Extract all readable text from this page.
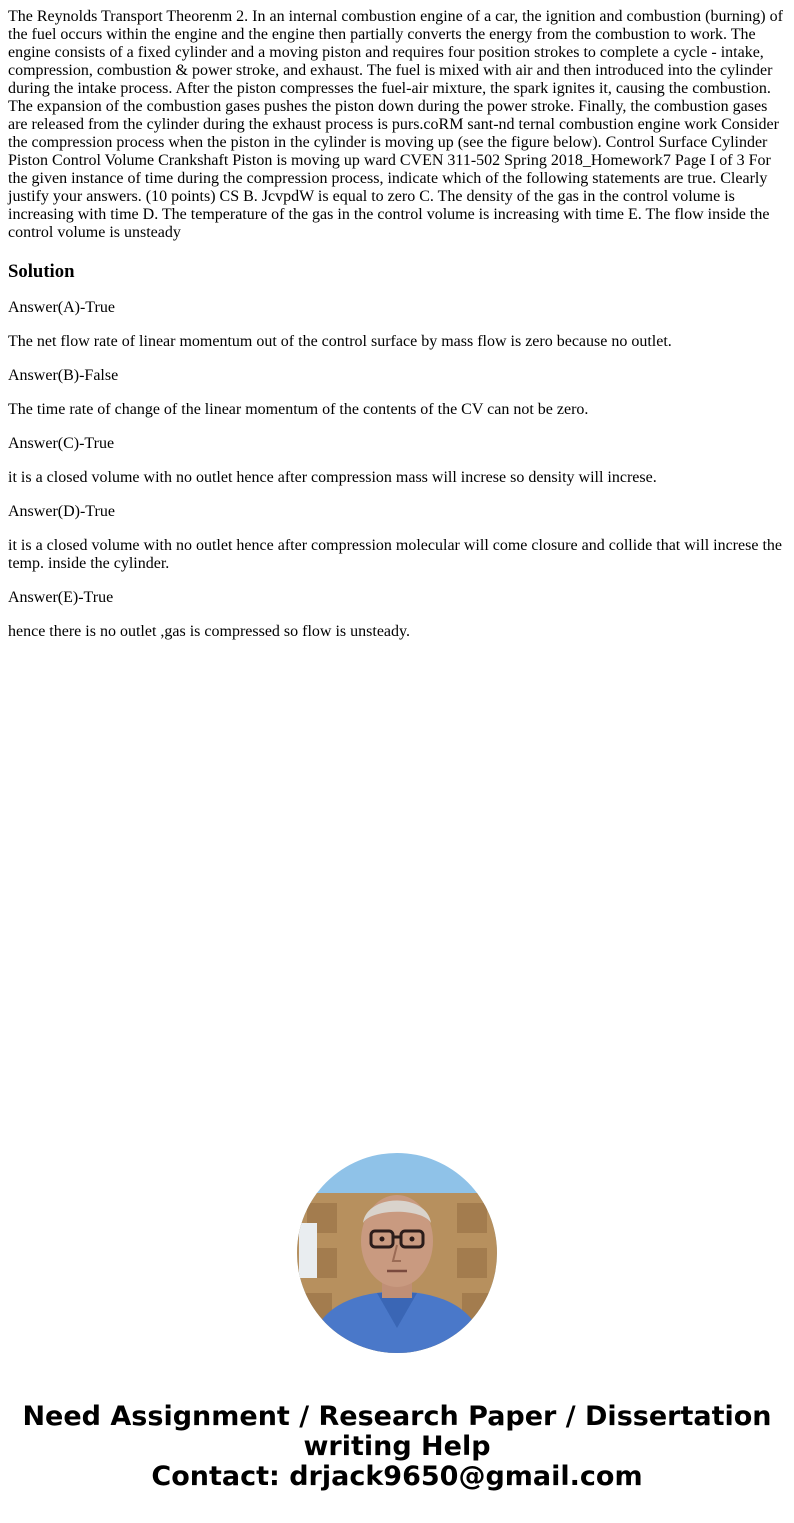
The Reynolds Transport Theorenm 2. In an internal combustion engine of a car, the ignition and combustion (burning) of the fuel occurs within the engine and the engine then partially converts the energy from the combustion to work. The engine consists of a fixed cylinder and a moving piston and requires four position strokes to complete a cycle - intake, compression, combustion & power stroke, and exhaust. The fuel is mixed with air and then introduced into the cylinder during the intake process. After the piston compresses the fuel-air mixture, the spark ignites it, causing the combustion. The expansion of the combustion gases pushes the piston down during the power stroke. Finally, the combustion gases are released from the cylinder during the exhaust process is purs.coRM sant-nd ternal combustion engine work Consider the compression process when the piston in the cylinder is moving up (see the figure below). Control Surface Cylinder Piston Control Volume Crankshaft Piston is moving up ward CVEN 311-502 Spring 2018_Homework7 Page I of 3 For the given instance of time during the compression process, indicate which of the following statements are true. Clearly justify your answers. (10 points) CS B. JcvpdW is equal to zero C. The density of the gas in the control volume is increasing with time D. The temperature of the gas in the control volume is increasing with time E. The flow inside the control volume is unsteady

Solution

Answer(A)-True

The net flow rate of linear momentum out of the control surface by mass flow is zero because no outlet.

Answer(B)-False

The time rate of change of the linear momentum of the contents of the CV can not be zero.

Answer(C)-True

it is a closed volume with no outlet hence after compression mass will increse so density will increse.

Answer(D)-True

it is a closed volume with no outlet hence after compression molecular will come closure and collide that will increse the temp. inside the cylinder.

Answer(E)-True

hence there is no outlet ,gas is compressed so flow is unsteady.

Need Assignment / Research Paper / Dissertation
writing Help
Contact: drjack9650@gmail.com
